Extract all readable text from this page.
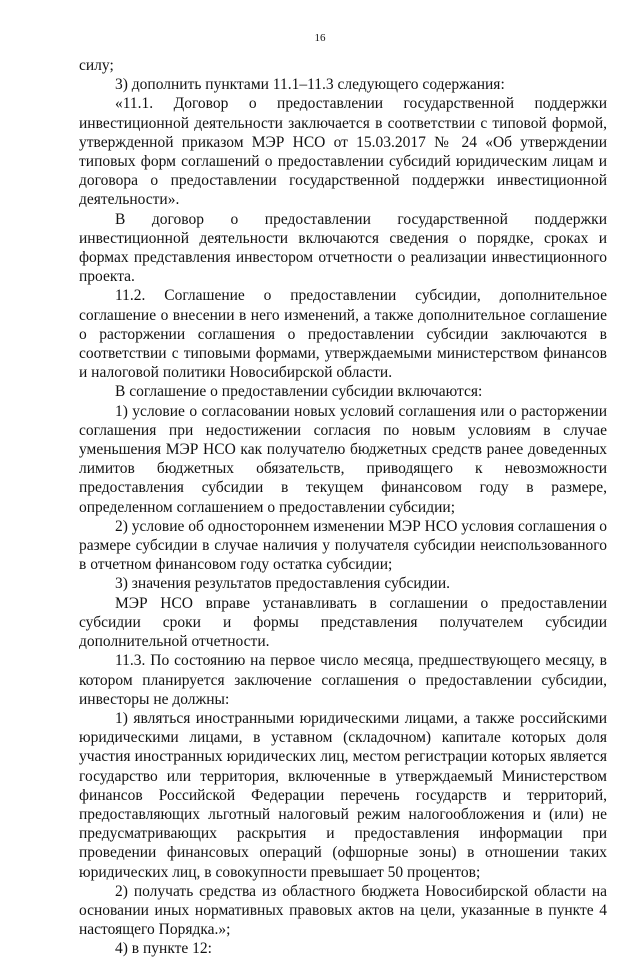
16

силу;

3) дополнить пунктами 11.1–11.3 следующего содержания:

«11.1. Договор о предоставлении государственной поддержки инвестиционной деятельности заключается в соответствии с типовой формой, утвержденной приказом МЭР НСО от 15.03.2017 № 24 «Об утверждении типовых форм соглашений о предоставлении субсидий юридическим лицам и договора о предоставлении государственной поддержки инвестиционной деятельности».

В договор о предоставлении государственной поддержки инвестиционной деятельности включаются сведения о порядке, сроках и формах представления инвестором отчетности о реализации инвестиционного проекта.

11.2. Соглашение о предоставлении субсидии, дополнительное соглашение о внесении в него изменений, а также дополнительное соглашение о расторжении соглашения о предоставлении субсидии заключаются в соответствии с типовыми формами, утверждаемыми министерством финансов и налоговой политики Новосибирской области.

В соглашение о предоставлении субсидии включаются:

1) условие о согласовании новых условий соглашения или о расторжении соглашения при недостижении согласия по новым условиям в случае уменьшения МЭР НСО как получателю бюджетных средств ранее доведенных лимитов бюджетных обязательств, приводящего к невозможности предоставления субсидии в текущем финансовом году в размере, определенном соглашением о предоставлении субсидии;

2) условие об одностороннем изменении МЭР НСО условия соглашения о размере субсидии в случае наличия у получателя субсидии неиспользованного в отчетном финансовом году остатка субсидии;

3) значения результатов предоставления субсидии.

МЭР НСО вправе устанавливать в соглашении о предоставлении субсидии сроки и формы представления получателем субсидии дополнительной отчетности.

11.3. По состоянию на первое число месяца, предшествующего месяцу, в котором планируется заключение соглашения о предоставлении субсидии, инвесторы не должны:

1) являться иностранными юридическими лицами, а также российскими юридическими лицами, в уставном (складочном) капитале которых доля участия иностранных юридических лиц, местом регистрации которых является государство или территория, включенные в утверждаемый Министерством финансов Российской Федерации перечень государств и территорий, предоставляющих льготный налоговый режим налогообложения и (или) не предусматривающих раскрытия и предоставления информации при проведении финансовых операций (офшорные зоны) в отношении таких юридических лиц, в совокупности превышает 50 процентов;

2) получать средства из областного бюджета Новосибирской области на основании иных нормативных правовых актов на цели, указанные в пункте 4 настоящего Порядка.»;

4) в пункте 12:
